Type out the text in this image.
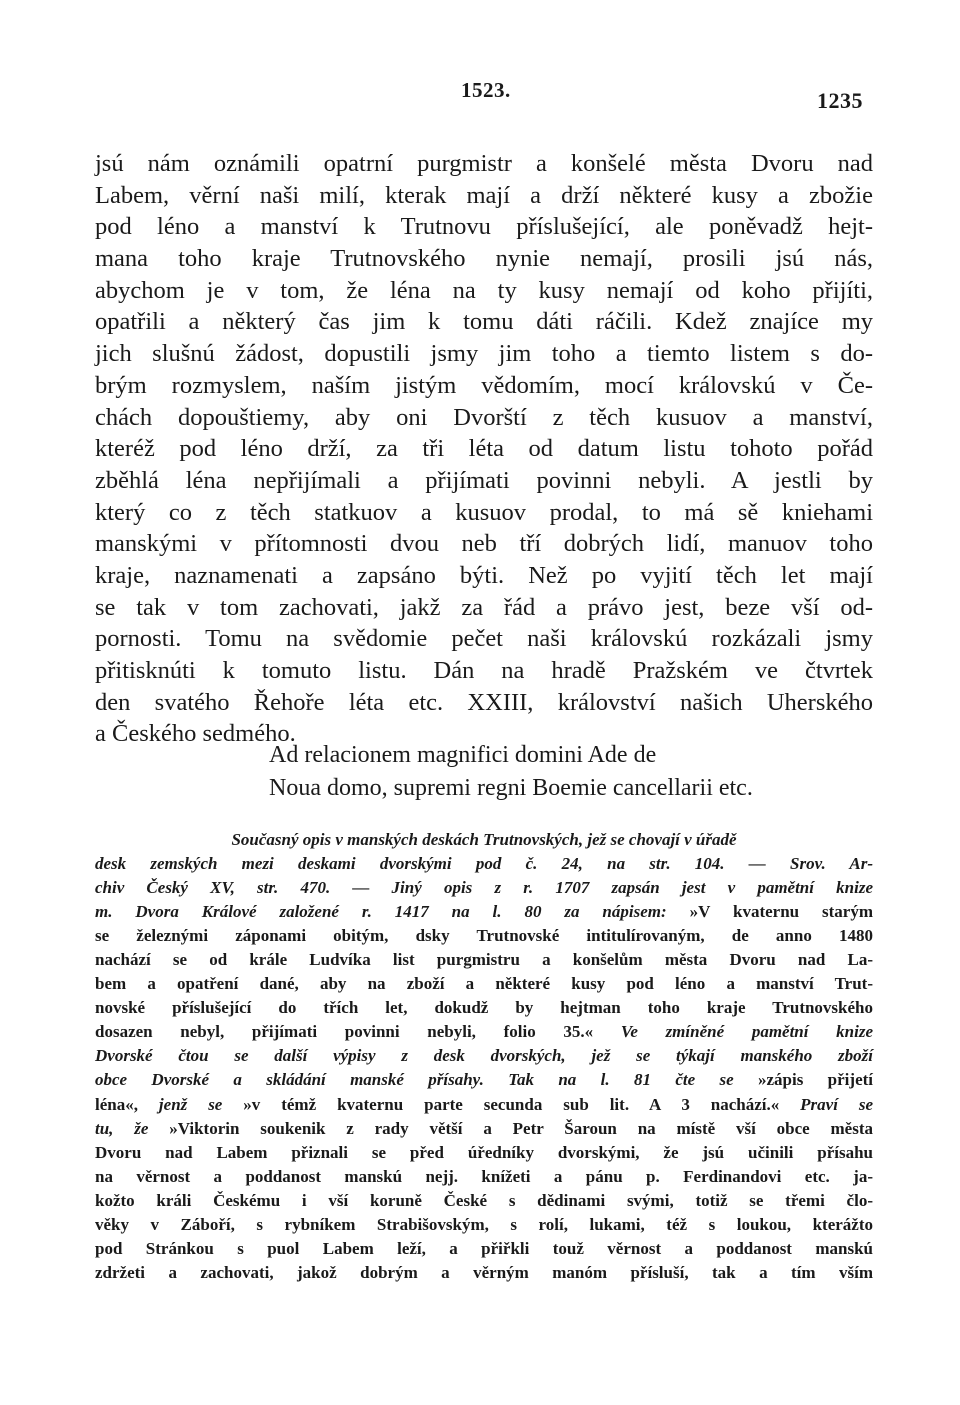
1523.	1235
jsú nám oznámili opatrní purgmistr a konšelé města Dvoru nad
Labem, věrní naši milí, kterak mají a drží některé kusy a zbožie
pod léno a manství k Trutnovu příslušející, ale poněvadž hejt-
mana toho kraje Trutnovského nynie nemají, prosili jsú nás,
abychom je v tom, že léna na ty kusy nemají od koho přijíti,
opatřili a některý čas jim k tomu dáti ráčili. Kdež znajíce my
jich slušnú žádost, dopustili jsmy jim toho a tiemto listem s do-
brým rozmyslem, naším jistým vědomím, mocí královskú v Če-
chách dopouštiemy, aby oni Dvorští z těch kusuov a manství,
kteréž pod léno drží, za tři léta od datum listu tohoto pořád
zběhlá léna nepřijímali a přijímati povinni nebyli. A jestli by
který co z těch statkuov a kusuov prodal, to má sě kniehami
manskými v přítomnosti dvou neb tří dobrých lidí, manuov toho
kraje, naznamenati a zapsáno býti. Než po vyjití těch let mají
se tak v tom zachovati, jakž za řád a právo jest, beze vší od-
pornosti. Tomu na svědomie pečet naši královskú rozkázali jsmy
přitisknúti k tomuto listu. Dán na hradě Pražském ve čtvrtek
den svatého Řehoře léta etc. XXIII, království našich Uherského
a Českého sedmého.
Ad relacionem magnifici domini Ade de
Noua domo, supremi regni Boemie cancellarii etc.
Současný opis v manských deskách Trutnovských, jež se chovají v úřadě
desk zemských mezi deskami dvorskými pod č. 24, na str. 104. — Srov. Ar-
chiv Český XV, str. 470. — Jiný opis z r. 1707 zapsán jest v pamětní knize
m. Dvora Králové založené r. 1417 na l. 80 za nápisem: »V kvaternu starým
se železnými záponami obitým, dsky Trutnovské intitulírovaným, de anno 1480
nachází se od krále Ludvíka list purgmistru a konšelům města Dvoru nad La-
bem a opatření dané, aby na zboží a některé kusy pod léno a manství Trut-
novské příslušející do třích let, dokudž by hejtman toho kraje Trutnovského
dosazen nebyl, přijímati povinni nebyli, folio 35.« Ve zmíněné pamětní knize
Dvorské čtou se další výpisy z desk dvorských, jež se týkají manského zboží
obce Dvorské a skládání manské přísahy. Tak na l. 81 čte se »zápis přijetí
léna«, jenž se »v témž kvaternu parte secunda sub lit. A 3 nachází.« Praví se
tu, že »Viktorin soukenik z rady větší a Petr Šaroun na místě vší obce města
Dvoru nad Labem přiznali se před úředníky dvorskými, že jsú učinili přísahu
na věrnost a poddanost manskú nejj. knížeti a pánu p. Ferdinandovi etc. ja-
kožto králi Českému i vší koruně České s dědinami svými, totiž se třemi člo-
věky v Záboří, s rybníkem Strabišovským, s rolí, lukami, též s loukou, kterážto
pod Stránkou s puol Labem leží, a přiřkli touž věrnost a poddanost manskú
zdržeti a zachovati, jakož dobrým a věrným manóm přísluší, tak a tím vším
